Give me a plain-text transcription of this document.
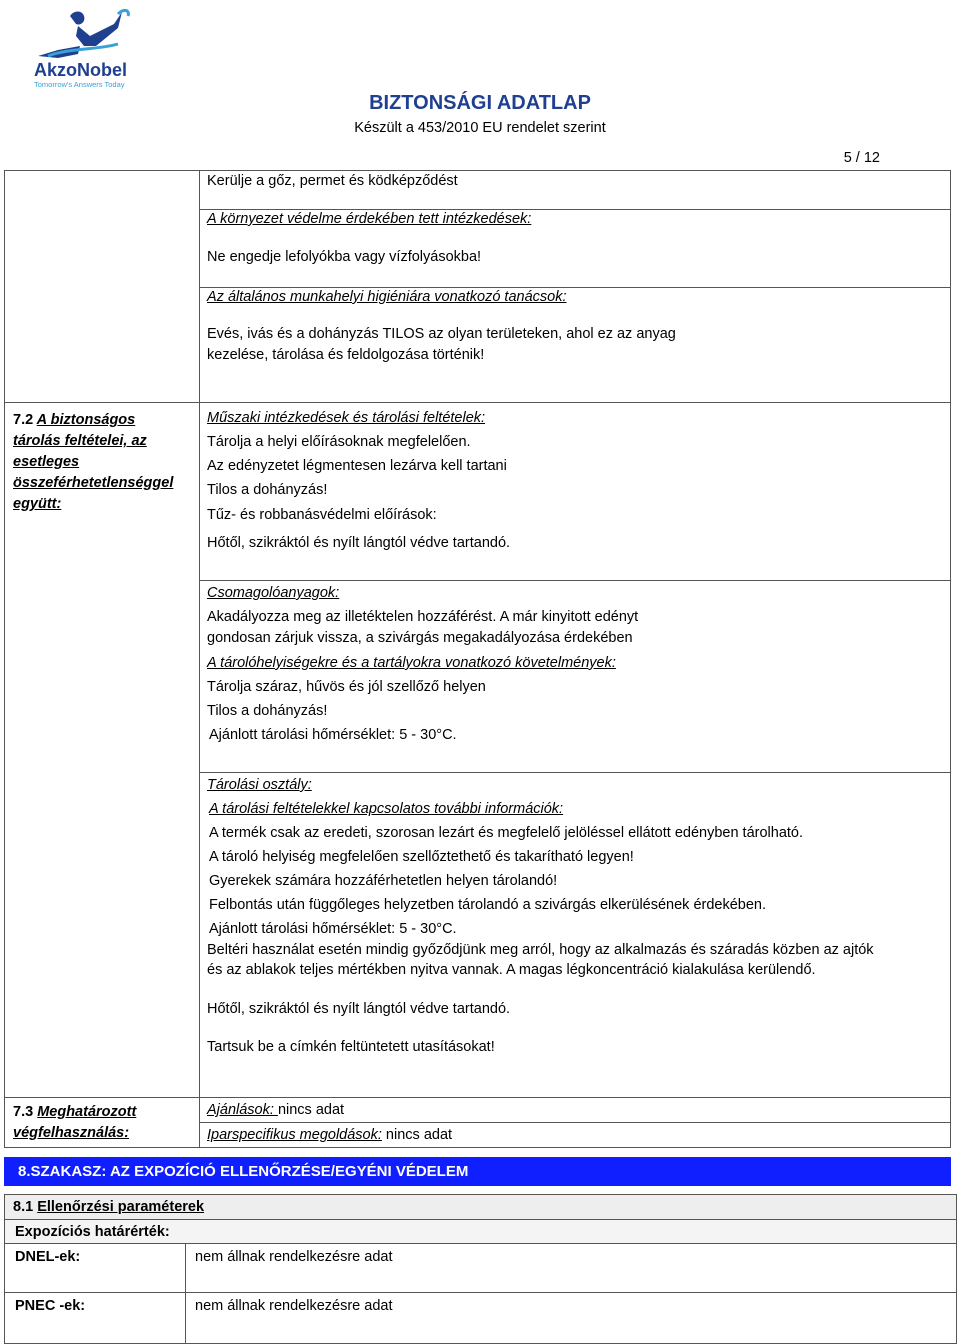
AkzoNobel
Tomorrow's Answers Today
BIZTONSÁGI ADATLAP
Készült a 453/2010 EU rendelet szerint
5 / 12
Kerülje a gőz, permet és ködképződést
A környezet védelme érdekében tett intézkedések:
Ne engedje lefolyókba vagy vízfolyásokba!
Az általános munkahelyi higiéniára vonatkozó tanácsok:
Evés, ivás és a dohányzás TILOS az olyan területeken, ahol ez az anyag
kezelése, tárolása és feldolgozása történik!
7.2 A biztonságos
tárolás feltételei, az
esetleges
összeférhetetlenséggel
együtt:
Műszaki intézkedések és tárolási feltételek:
Tárolja a helyi előírásoknak megfelelően.
Az edényzetet légmentesen lezárva kell tartani
Tilos a dohányzás!
Tűz- és robbanásvédelmi előírások:
Hőtől, szikráktól és nyílt lángtól védve tartandó.
Csomagolóanyagok:
Akadályozza meg az illetéktelen hozzáférést. A már kinyitott edényt
gondosan zárjuk vissza, a szivárgás megakadályozása érdekében
A tárolóhelyiségekre és a tartályokra vonatkozó követelmények:
Tárolja száraz, hűvös és jól szellőző helyen
Tilos a dohányzás!
Ajánlott tárolási hőmérséklet: 5 - 30°C.
Tárolási osztály:
A tárolási feltételekkel kapcsolatos további információk:
A termék csak az eredeti, szorosan lezárt és megfelelő jelöléssel ellátott edényben tárolható.
A tároló helyiség megfelelően szellőztethető és takarítható legyen!
Gyerekek számára hozzáférhetetlen helyen tárolandó!
Felbontás után függőleges helyzetben tárolandó a szivárgás elkerülésének érdekében.
Ajánlott tárolási hőmérséklet: 5 - 30°C.
Beltéri használat esetén mindig győződjünk meg arról, hogy az alkalmazás és száradás közben az ajtók
és az ablakok teljes mértékben nyitva vannak. A magas légkoncentráció kialakulása kerülendő.
Hőtől, szikráktól és nyílt lángtól védve tartandó.
Tartsuk be a címkén feltüntetett utasításokat!
7.3 Meghatározott
végfelhasználás:
Ajánlások: nincs adat
Iparspecifikus megoldások: nincs adat
8.SZAKASZ: AZ EXPOZÍCIÓ ELLENŐRZÉSE/EGYÉNI VÉDELEM
8.1 Ellenőrzési paraméterek
Expozíciós határérték:
DNEL-ek:	nem állnak rendelkezésre adat
PNEC -ek:	nem állnak rendelkezésre adat
